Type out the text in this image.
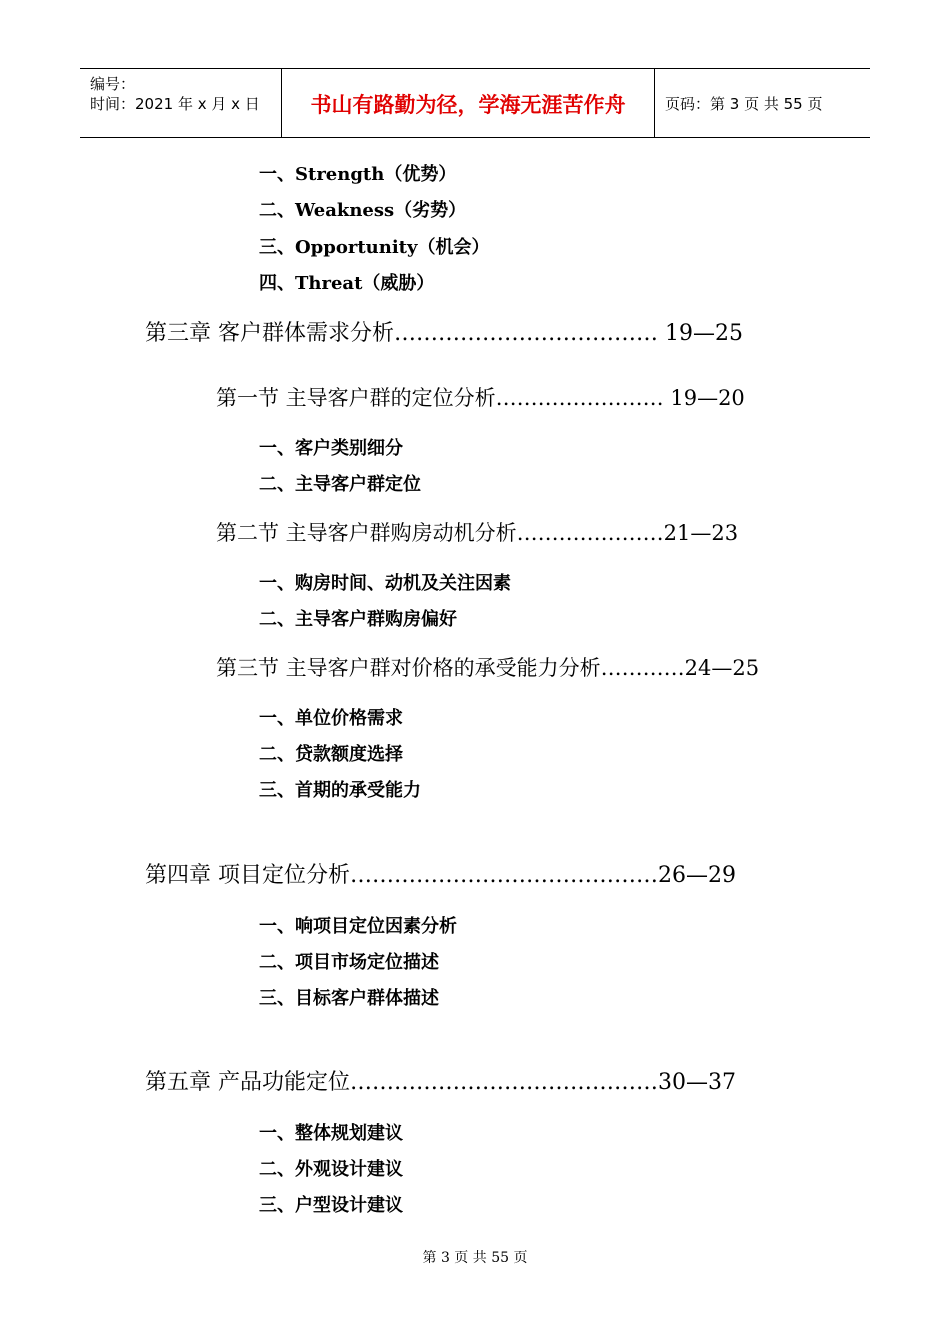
编号：
时间：2021 年 x 月 x 日	书山有路勤为径，学海无涯苦作舟	页码：第 3 页 共 55 页
一、Strength（优势）
二、Weakness（劣势）
三、Opportunity（机会）
四、Threat（威胁）
第三章 客户群体需求分析……………………………… 19—25
第一节 主导客户群的定位分析…………………… 19—20
一、客户类别细分
二、主导客户群定位
第二节 主导客户群购房动机分析…………………21—23
一、购房时间、动机及关注因素
二、主导客户群购房偏好
第三节 主导客户群对价格的承受能力分析…………24—25
一、单位价格需求
二、贷款额度选择
三、首期的承受能力
第四章 项目定位分析……………………………………26—29
一、响项目定位因素分析
二、项目市场定位描述
三、目标客户群体描述
第五章 产品功能定位……………………………………30—37
一、整体规划建议
二、外观设计建议
三、户型设计建议
第 3 页 共 55 页
